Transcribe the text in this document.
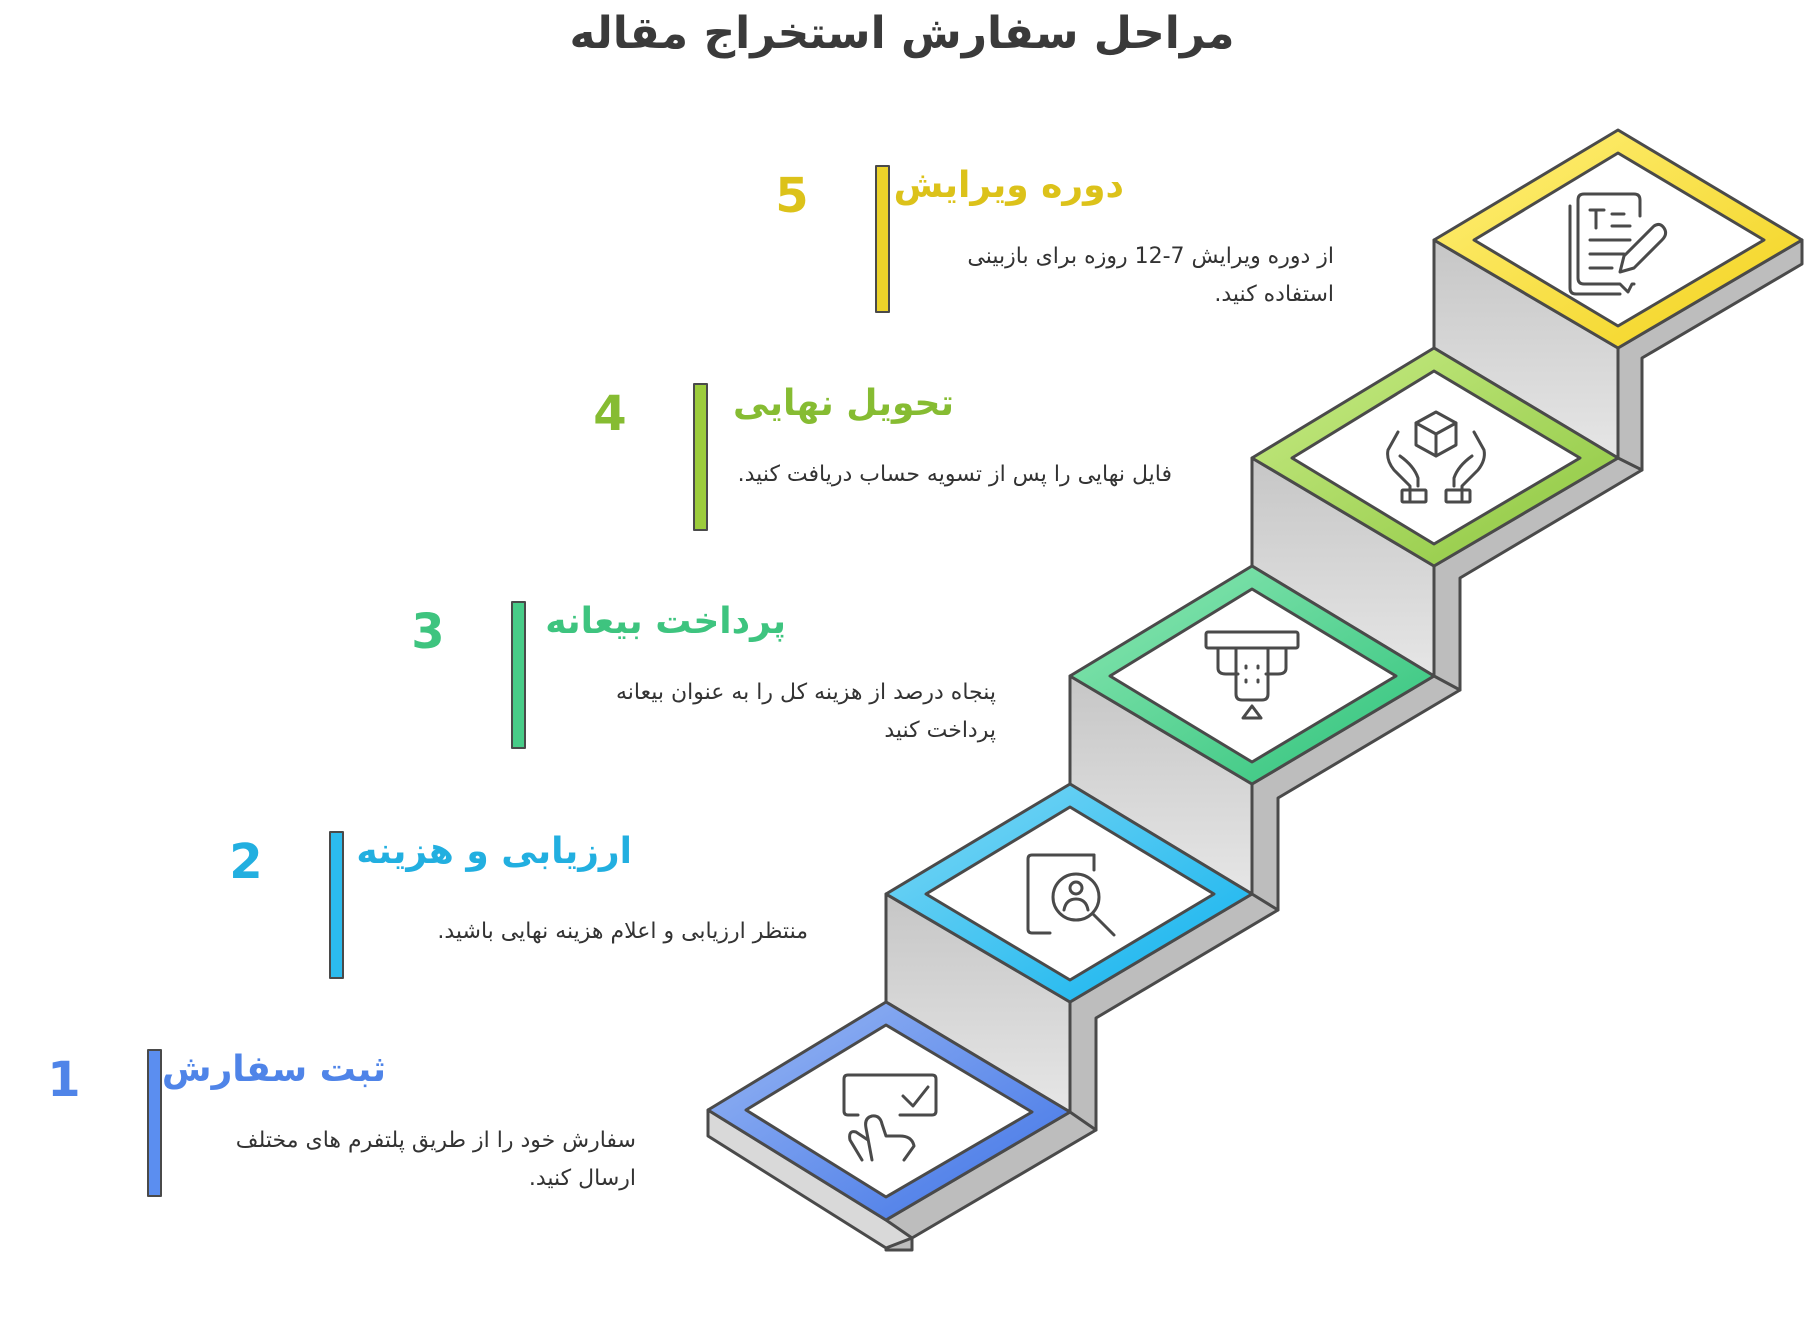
مراحل سفارش استخراج مقاله
5	دوره ویرایش
از دوره ویرایش 7-12 روزه برای بازبینی استفاده کنید.
4	تحویل نهایی
فایل نهایی را پس از تسویه حساب دریافت کنید.
3	پرداخت بیعانه
پنجاه درصد از هزینه کل را به عنوان بیعانه پرداخت کنید
2	ارزیابی و هزینه
منتظر ارزیابی و اعلام هزینه نهایی باشید.
1	ثبت سفارش
سفارش خود را از طریق پلتفرم های مختلف ارسال کنید.
